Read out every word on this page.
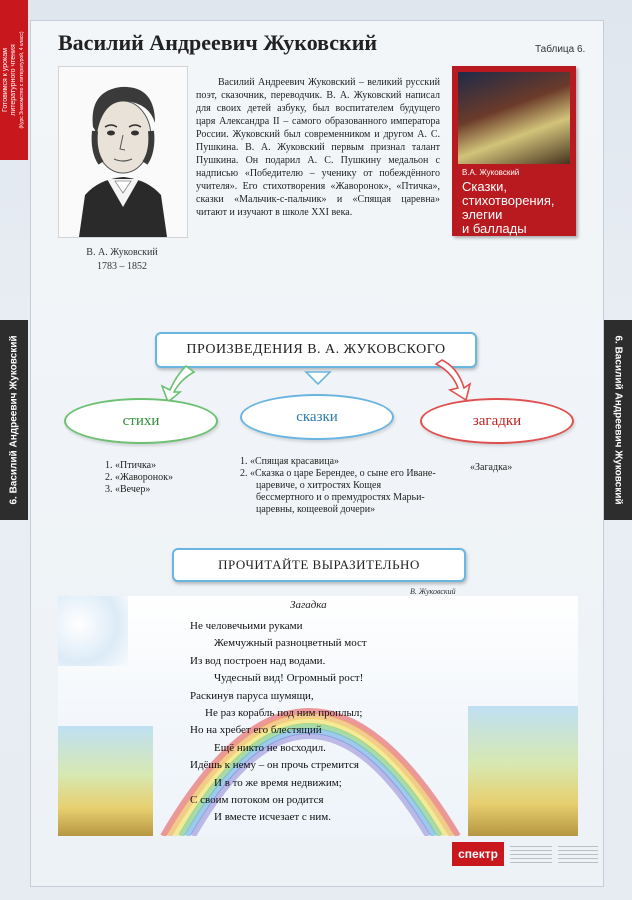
Готовимся к урокам литературного чтения (Курс Знакомство с литературой, 4 класс)
6. Василий Андреевич Жуковский	6. Василий Андреевич Жуковский
Василий Андреевич Жуковский	Таблица 6.
В. А. Жуковский
1783 – 1852
Василий Андреевич Жуковский – великий русский поэт, сказочник, переводчик. В. А. Жуковский написал для своих детей азбуку, был воспитателем будущего царя Александра II – самого образованного императора России. Жуковский был современником и другом А. С. Пушкина. В. А. Жуковский первым признал талант Пушкина. Он подарил А. С. Пушкину медальон с надписью «Победителю – ученику от побеждённого учителя». Его стихотворения «Жаворонок», «Птичка», сказки «Мальчик-с-пальчик» и «Спящая царевна» читают и изучают в школе XXI века.
В.А. Жуковский
Сказки,
стихотворения,
элегии
и баллады
ПРОИЗВЕДЕНИЯ В. А. ЖУКОВСКОГО
стихи	сказки	загадки
1. «Птичка»
2. «Жаворонок»
3. «Вечер»
1. «Спящая красавица»
2. «Сказка о царе Берендее, о сыне его Иване-царевиче, о хитростях Кощея бессмертного и о премудростях Марьи-царевны, кощеевой дочери»
«Загадка»
ПРОЧИТАЙТЕ ВЫРАЗИТЕЛЬНО
В. Жуковский
Загадка
Не человечьими руками
Жемчужный разноцветный мост
Из вод построен над водами.
Чудесный вид! Огромный рост!
Раскинув паруса шумящи,
Не раз корабль под ним проплыл;
Но на хребет его блестящий
Ещё никто не восходил.
Идёшь к нему – он прочь стремится
И в то же время недвижим;
С своим потоком он родится
И вместе исчезает с ним.
спектр
